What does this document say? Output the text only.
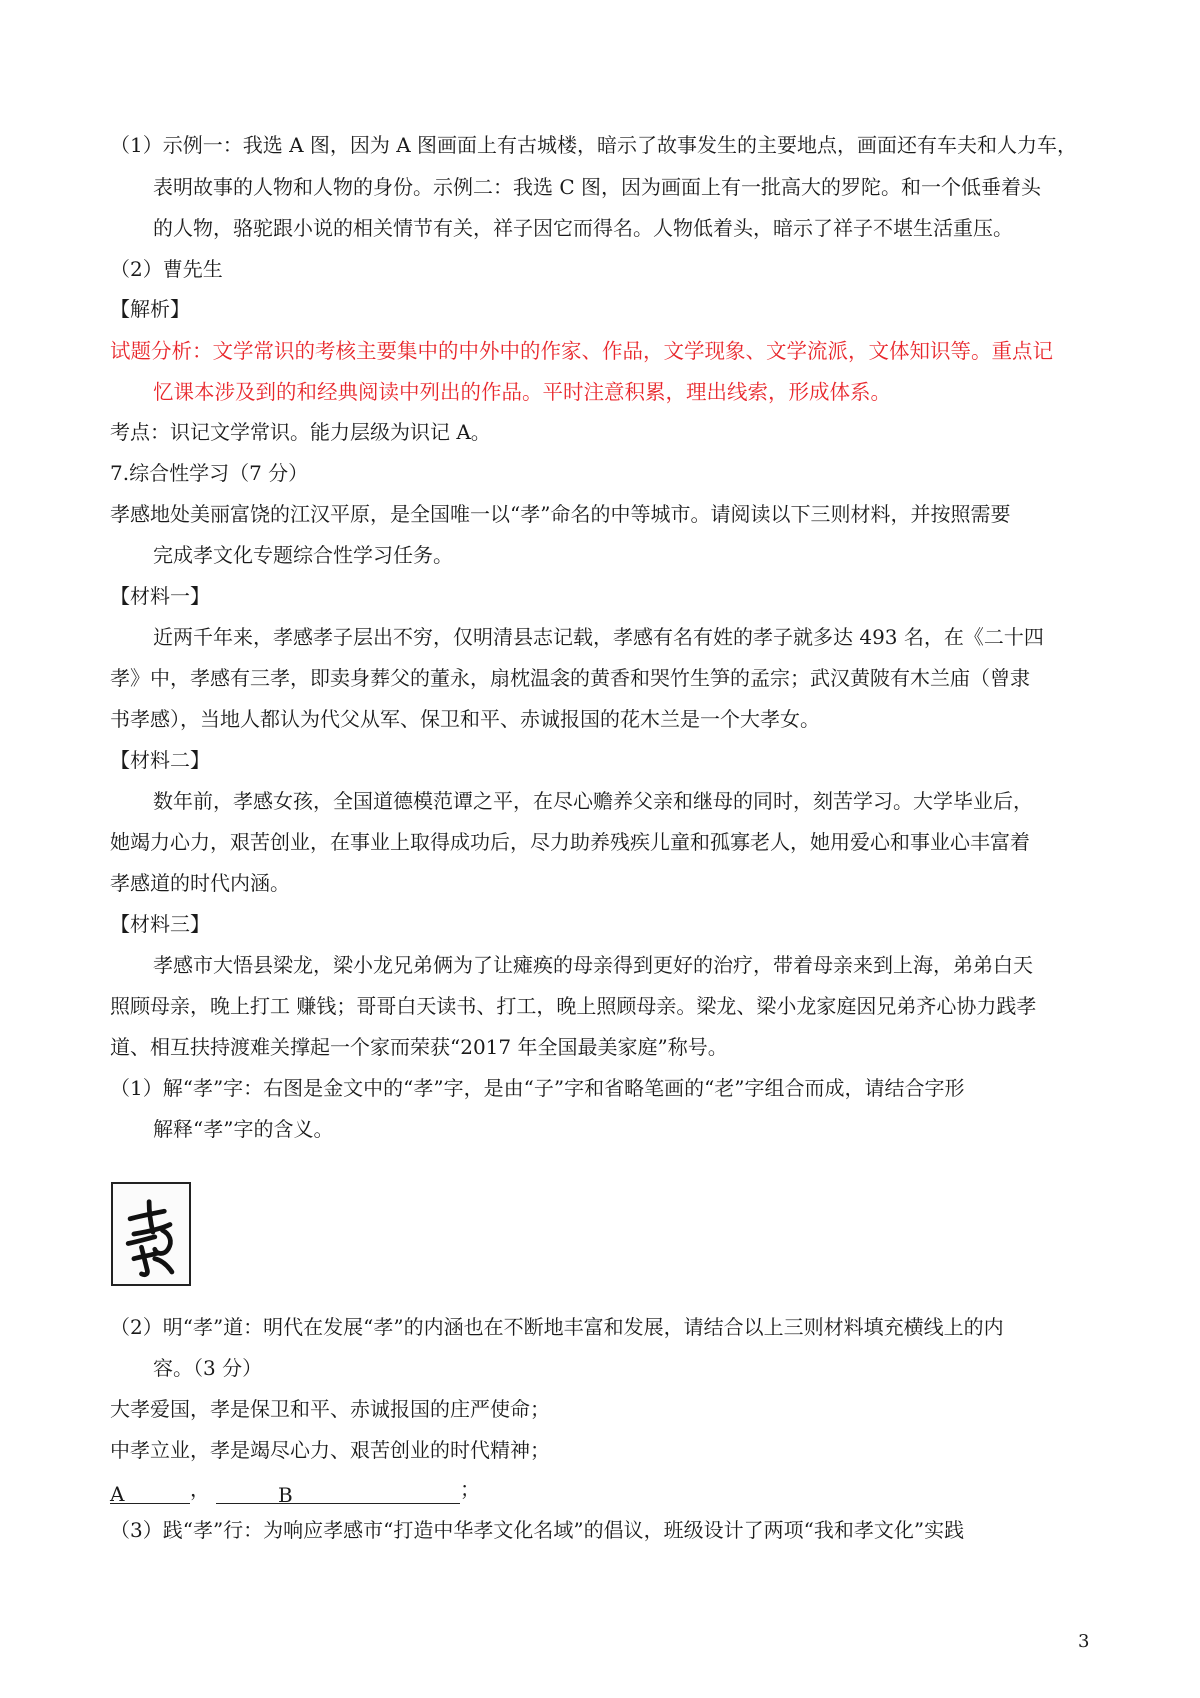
（1）示例一：我选 A 图，因为 A 图画面上有古城楼，暗示了故事发生的主要地点，画面还有车夫和人力车，
表明故事的人物和人物的身份。示例二：我选 C 图，因为画面上有一批高大的罗陀。和一个低垂着头
的人物，骆驼跟小说的相关情节有关，祥子因它而得名。人物低着头，暗示了祥子不堪生活重压。
（2）曹先生
【解析】
试题分析：文学常识的考核主要集中的中外中的作家、作品，文学现象、文学流派，文体知识等。重点记
忆课本涉及到的和经典阅读中列出的作品。平时注意积累，理出线索，形成体系。
考点：识记文学常识。能力层级为识记 A。
7.综合性学习（7 分）
孝感地处美丽富饶的江汉平原，是全国唯一以“孝”命名的中等城市。请阅读以下三则材料，并按照需要
完成孝文化专题综合性学习任务。
【材料一】
近两千年来，孝感孝子层出不穷，仅明清县志记载，孝感有名有姓的孝子就多达 493 名，在《二十四
孝》中，孝感有三孝，即卖身葬父的董永，扇枕温衾的黄香和哭竹生笋的孟宗；武汉黄陂有木兰庙（曾隶
书孝感），当地人都认为代父从军、保卫和平、赤诚报国的花木兰是一个大孝女。
【材料二】
数年前，孝感女孩，全国道德模范谭之平，在尽心赡养父亲和继母的同时，刻苦学习。大学毕业后，
她竭力心力，艰苦创业，在事业上取得成功后，尽力助养残疾儿童和孤寡老人，她用爱心和事业心丰富着
孝感道的时代内涵。
【材料三】
孝感市大悟县梁龙，梁小龙兄弟俩为了让瘫痪的母亲得到更好的治疗，带着母亲来到上海，弟弟白天
照顾母亲，晚上打工 赚钱；哥哥白天读书、打工，晚上照顾母亲。梁龙、梁小龙家庭因兄弟齐心协力践孝
道、相互扶持渡难关撑起一个家而荣获“2017 年全国最美家庭”称号。
（1）解“孝”字：右图是金文中的“孝”字，是由“子”字和省略笔画的“老”字组合而成，请结合字形
解释“孝”字的含义。
（2）明“孝”道：明代在发展“孝”的内涵也在不断地丰富和发展，请结合以上三则材料填充横线上的内
容。（3 分）
大孝爱国，孝是保卫和平、赤诚报国的庄严使命；
中孝立业，孝是竭尽心力、艰苦创业的时代精神；
A	，	B	；
（3）践“孝”行：为响应孝感市“打造中华孝文化名域”的倡议，班级设计了两项“我和孝文化”实践
3
